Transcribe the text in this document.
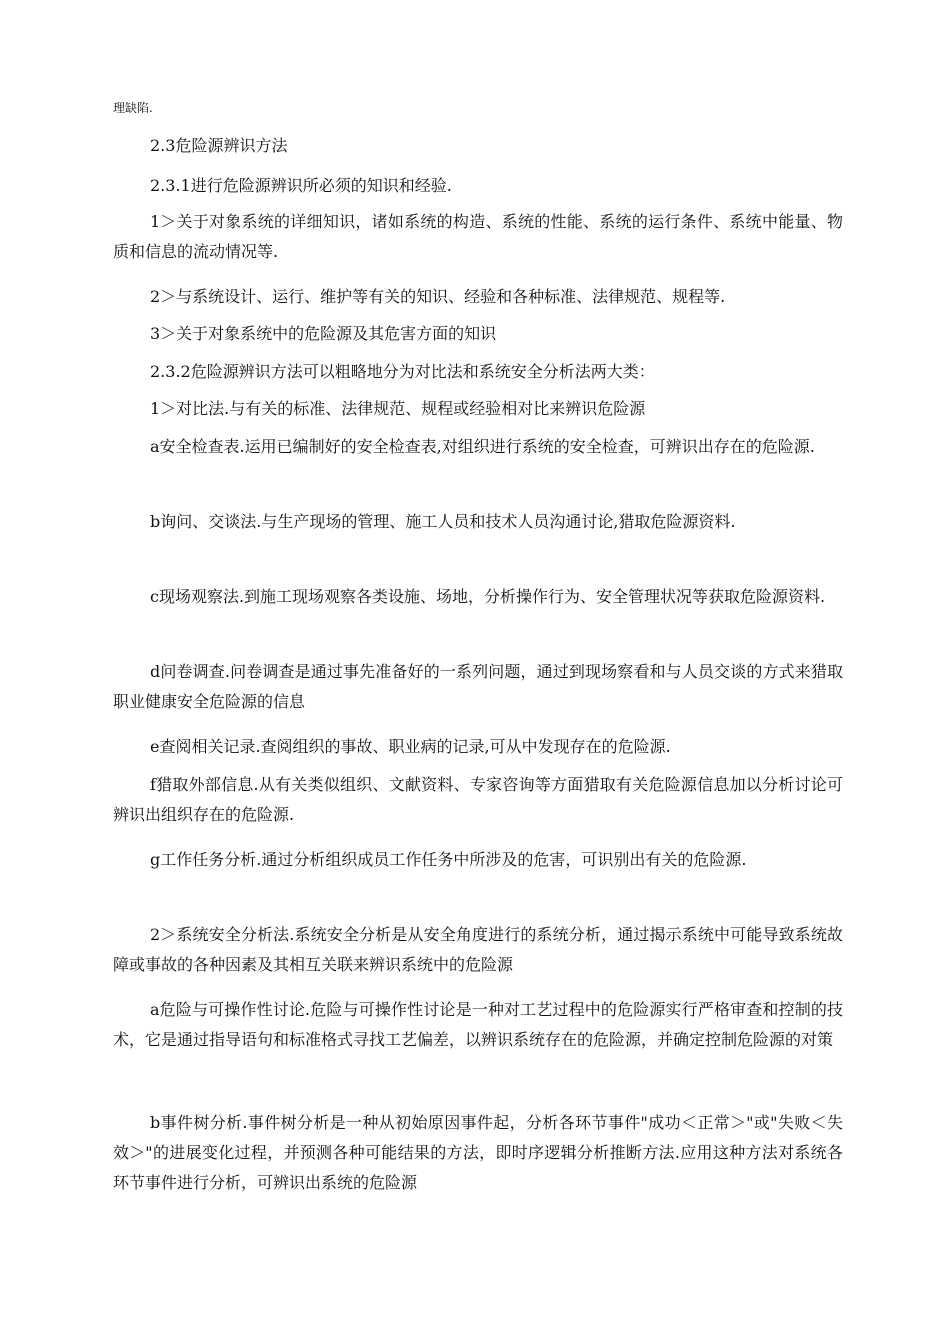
理缺陷.

2.3危险源辨识方法

2.3.1进行危险源辨识所必须的知识和经验.

1＞关于对象系统的详细知识，诸如系统的构造、系统的性能、系统的运行条件、系统中能量、物质和信息的流动情况等.

2＞与系统设计、运行、维护等有关的知识、经验和各种标准、法律规范、规程等.

3＞关于对象系统中的危险源及其危害方面的知识

2.3.2危险源辨识方法可以粗略地分为对比法和系统安全分析法两大类：

1＞对比法.与有关的标准、法律规范、规程或经验相对比来辨识危险源

a安全检查表.运用已编制好的安全检查表,对组织进行系统的安全检查，可辨识出存在的危险源.

b询问、交谈法.与生产现场的管理、施工人员和技术人员沟通讨论,猎取危险源资料.

c现场观察法.到施工现场观察各类设施、场地，分析操作行为、安全管理状况等获取危险源资料.

d问卷调查.问卷调查是通过事先准备好的一系列问题，通过到现场察看和与人员交谈的方式来猎取职业健康安全危险源的信息

e查阅相关记录.查阅组织的事故、职业病的记录,可从中发现存在的危险源.

f猎取外部信息.从有关类似组织、文献资料、专家咨询等方面猎取有关危险源信息加以分析讨论可辨识出组织存在的危险源.

g工作任务分析.通过分析组织成员工作任务中所涉及的危害，可识别出有关的危险源.

2＞系统安全分析法.系统安全分析是从安全角度进行的系统分析，通过揭示系统中可能导致系统故障或事故的各种因素及其相互关联来辨识系统中的危险源

a危险与可操作性讨论.危险与可操作性讨论是一种对工艺过程中的危险源实行严格审查和控制的技术，它是通过指导语句和标准格式寻找工艺偏差，以辨识系统存在的危险源，并确定控制危险源的对策

b事件树分析.事件树分析是一种从初始原因事件起，分析各环节事件"成功＜正常＞"或"失败＜失效＞"的进展变化过程，并预测各种可能结果的方法，即时序逻辑分析推断方法.应用这种方法对系统各环节事件进行分析，可辨识出系统的危险源
